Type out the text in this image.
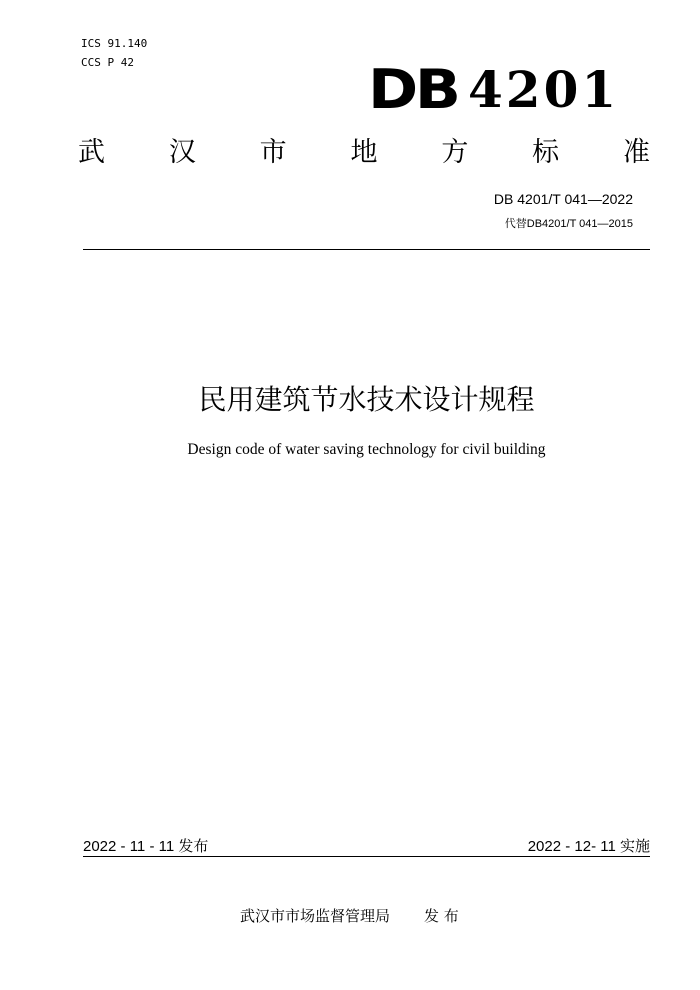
ICS 91.140
CCS P 42	DB 4201
武 汉 市 地 方 标 准
DB 4201/T 041—2022
代替DB4201/T 041—2015
民用建筑节水技术设计规程
Design code of water saving technology for civil building
2022 - 11 - 11 发布	2022 - 12- 11 实施
武汉市市场监督管理局 发 布
